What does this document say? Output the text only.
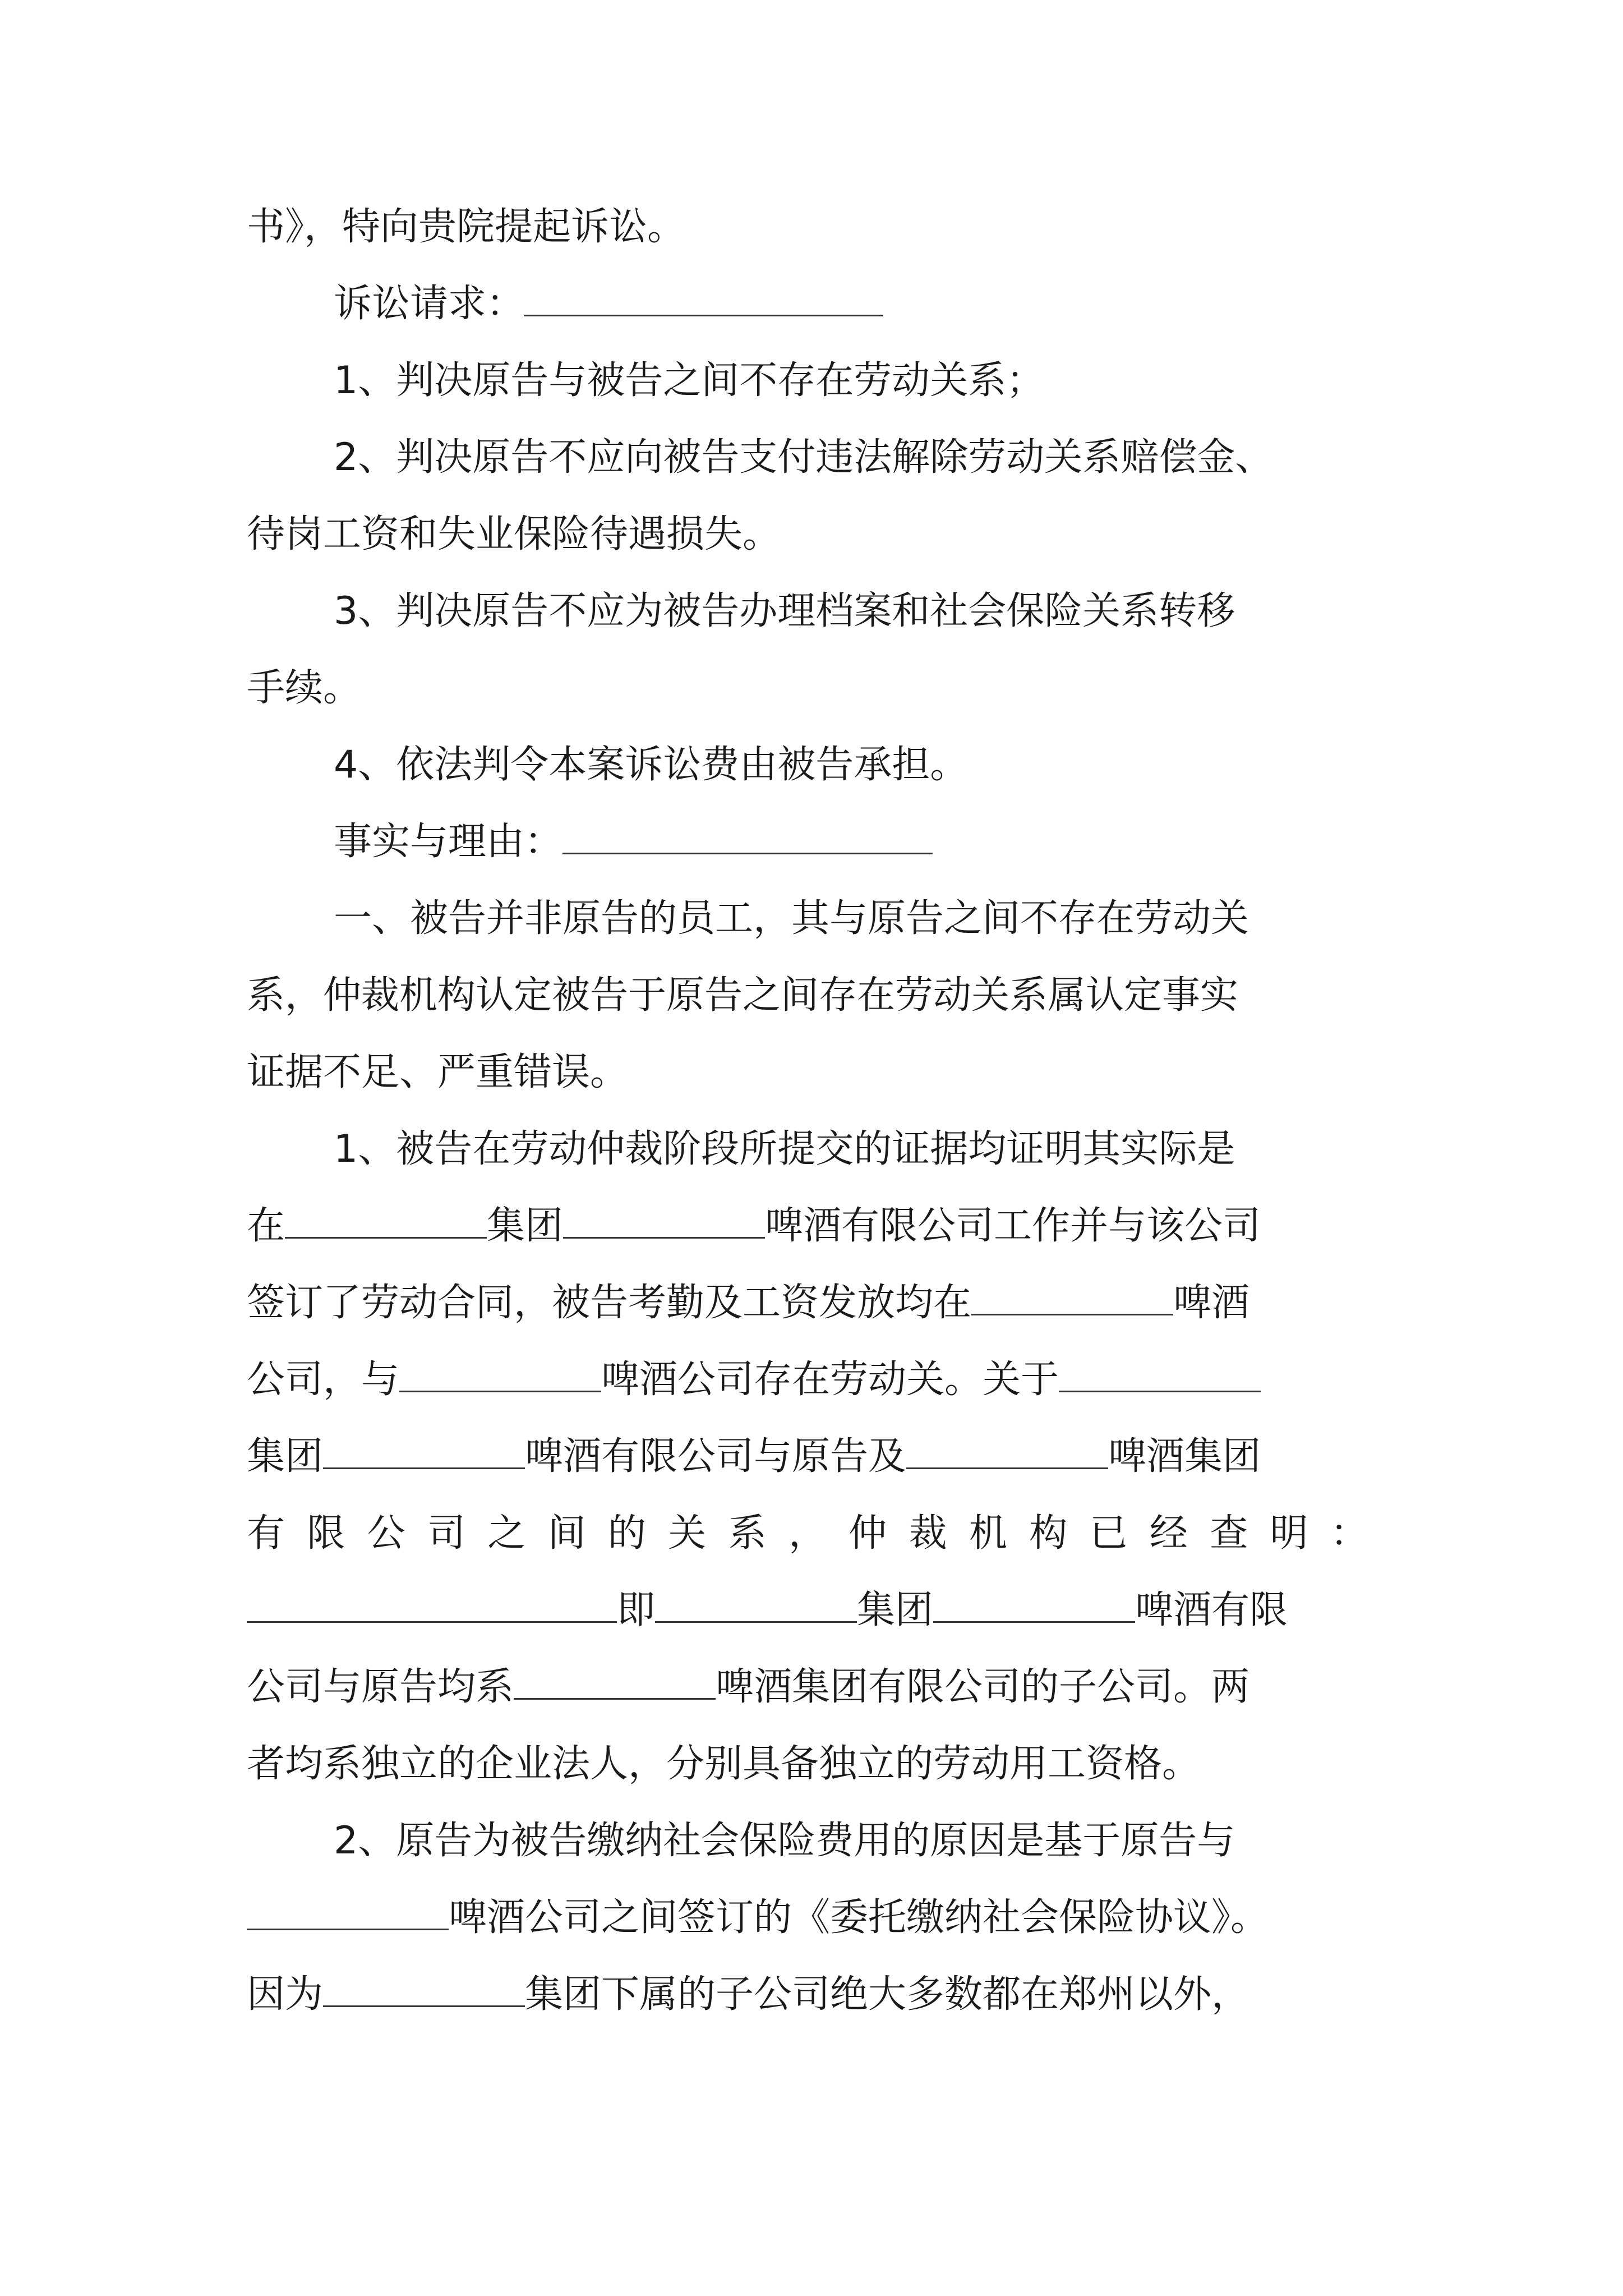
书》，特向贵院提起诉讼。
诉讼请求：
1、判决原告与被告之间不存在劳动关系；
2、判决原告不应向被告支付违法解除劳动关系赔偿金、
待岗工资和失业保险待遇损失。
3、判决原告不应为被告办理档案和社会保险关系转移
手续。
4、依法判令本案诉讼费由被告承担。
事实与理由：
一、被告并非原告的员工，其与原告之间不存在劳动关
系，仲裁机构认定被告于原告之间存在劳动关系属认定事实
证据不足、严重错误。
1、被告在劳动仲裁阶段所提交的证据均证明其实际是
在	集团	啤酒有限公司工作并与该公司
签订了劳动合同，被告考勤及工资发放均在	啤酒
公司，与	啤酒公司存在劳动关。关于
集团	啤酒有限公司与原告及	啤酒集团
有 限 公 司 之 间 的 关 系 ， 仲 裁 机 构 已 经 查 明 ：
即	集团	啤酒有限
公司与原告均系	啤酒集团有限公司的子公司。两
者均系独立的企业法人，分别具备独立的劳动用工资格。
2、原告为被告缴纳社会保险费用的原因是基于原告与
啤酒公司之间签订的《委托缴纳社会保险协议》。
因为	集团下属的子公司绝大多数都在郑州以外，
